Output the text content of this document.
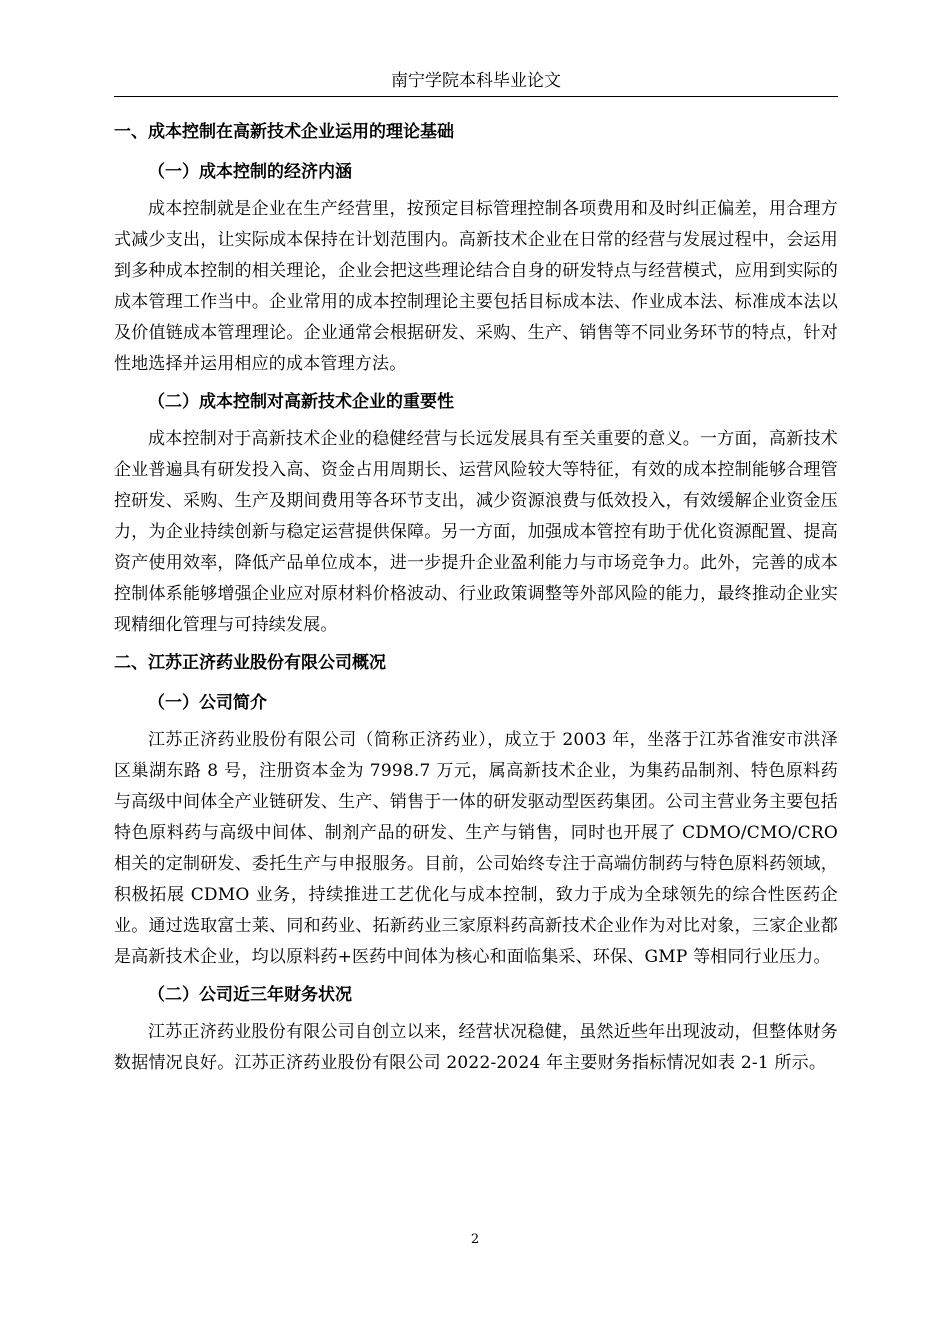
南宁学院本科毕业论文
一、成本控制在高新技术企业运用的理论基础
（一）成本控制的经济内涵

成本控制就是企业在生产经营里，按预定目标管理控制各项费用和及时纠正偏差，用合理方式减少支出，让实际成本保持在计划范围内。高新技术企业在日常的经营与发展过程中，会运用到多种成本控制的相关理论，企业会把这些理论结合自身的研发特点与经营模式，应用到实际的成本管理工作当中。企业常用的成本控制理论主要包括目标成本法、作业成本法、标准成本法以及价值链成本管理理论。企业通常会根据研发、采购、生产、销售等不同业务环节的特点，针对性地选择并运用相应的成本管理方法。

（二）成本控制对高新技术企业的重要性

成本控制对于高新技术企业的稳健经营与长远发展具有至关重要的意义。一方面，高新技术企业普遍具有研发投入高、资金占用周期长、运营风险较大等特征，有效的成本控制能够合理管控研发、采购、生产及期间费用等各环节支出，减少资源浪费与低效投入，有效缓解企业资金压力，为企业持续创新与稳定运营提供保障。另一方面，加强成本管控有助于优化资源配置、提高资产使用效率，降低产品单位成本，进一步提升企业盈利能力与市场竞争力。此外，完善的成本控制体系能够增强企业应对原材料价格波动、行业政策调整等外部风险的能力，最终推动企业实现精细化管理与可持续发展。

二、江苏正济药业股份有限公司概况
（一）公司简介

江苏正济药业股份有限公司（简称正济药业），成立于 2003 年，坐落于江苏省淮安市洪泽区巢湖东路 8 号，注册资本金为 7998.7 万元，属高新技术企业，为集药品制剂、特色原料药与高级中间体全产业链研发、生产、销售于一体的研发驱动型医药集团。公司主营业务主要包括特色原料药与高级中间体、制剂产品的研发、生产与销售，同时也开展了 CDMO/CMO/CRO 相关的定制研发、委托生产与申报服务。目前，公司始终专注于高端仿制药与特色原料药领域，积极拓展 CDMO 业务，持续推进工艺优化与成本控制，致力于成为全球领先的综合性医药企业。通过选取富士莱、同和药业、拓新药业三家原料药高新技术企业作为对比对象，三家企业都是高新技术企业，均以原料药+医药中间体为核心和面临集采、环保、GMP 等相同行业压力。

（二）公司近三年财务状况

江苏正济药业股份有限公司自创立以来，经营状况稳健，虽然近些年出现波动，但整体财务数据情况良好。江苏正济药业股份有限公司 2022-2024 年主要财务指标情况如表 2-1 所示。

2
